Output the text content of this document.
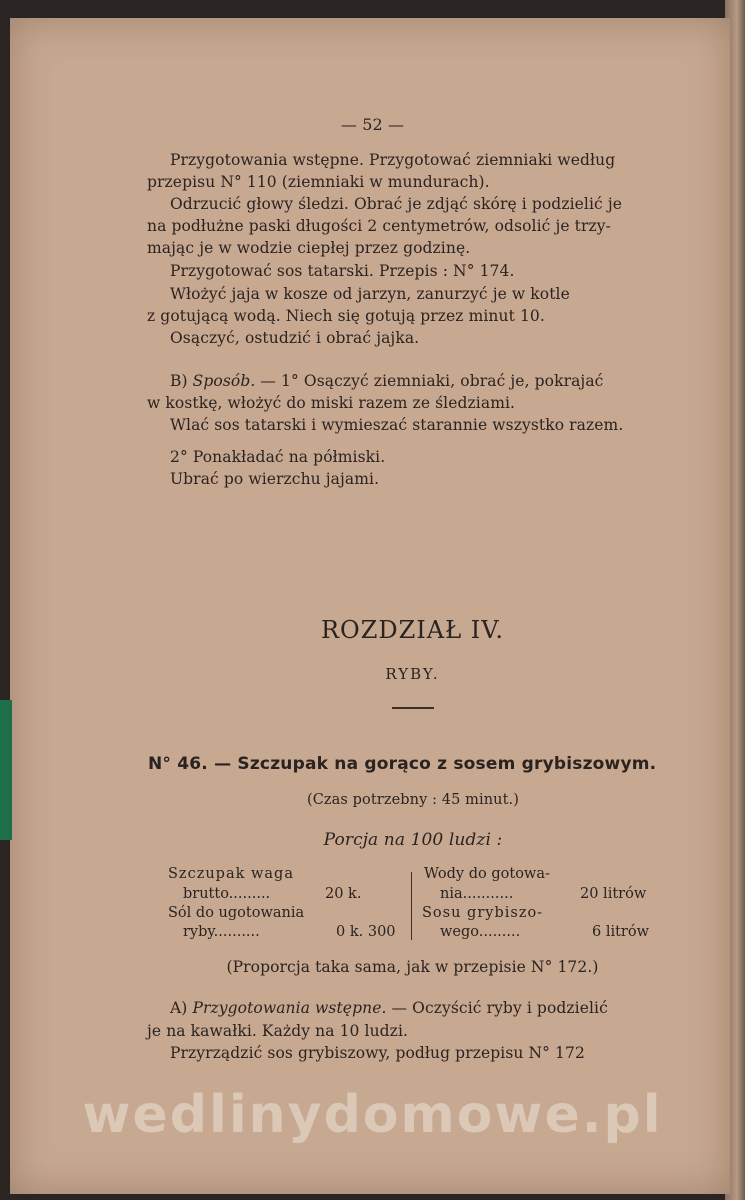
— 52 —
Przygotowania wstępne. Przygotować ziemniaki według
przepisu N° 110 (ziemniaki w mundurach).
Odrzucić głowy śledzi. Obrać je zdjąć skórę i podzielić je
na podłużne paski długości 2 centymetrów, odsolić je trzy-
mając je w wodzie ciepłej przez godzinę.
Przygotować sos tatarski. Przepis : N° 174.
Włożyć jaja w kosze od jarzyn, zanurzyć je w kotle
z gotującą wodą. Niech się gotują przez minut 10.
Osączyć, ostudzić i obrać jajka.
B) Sposób. — 1° Osączyć ziemniaki, obrać je, pokrajać
w kostkę, włożyć do miski razem ze śledziami.
Wlać sos tatarski i wymieszać starannie wszystko razem.
2° Ponakładać na półmiski.
Ubrać po wierzchu jajami.
ROZDZIAŁ IV.
RYBY.
N° 46. — Szczupak na gorąco z sosem grybiszowym.
(Czas potrzebny : 45 minut.)
Porcja na 100 ludzi :
Szczupak waga
brutto.........	20 k.
Sól do ugotowania
ryby..........	0 k. 300
Wody do gotowa-
nia...........	20 litrów
Sosu grybiszo-
wego.........	6 litrów
(Proporcja taka sama, jak w przepisie N° 172.)
A) Przygotowania wstępne. — Oczyścić ryby i podzielić
je na kawałki. Każdy na 10 ludzi.
Przyrządzić sos grybiszowy, podług przepisu N° 172
wedlinydomowe.pl
